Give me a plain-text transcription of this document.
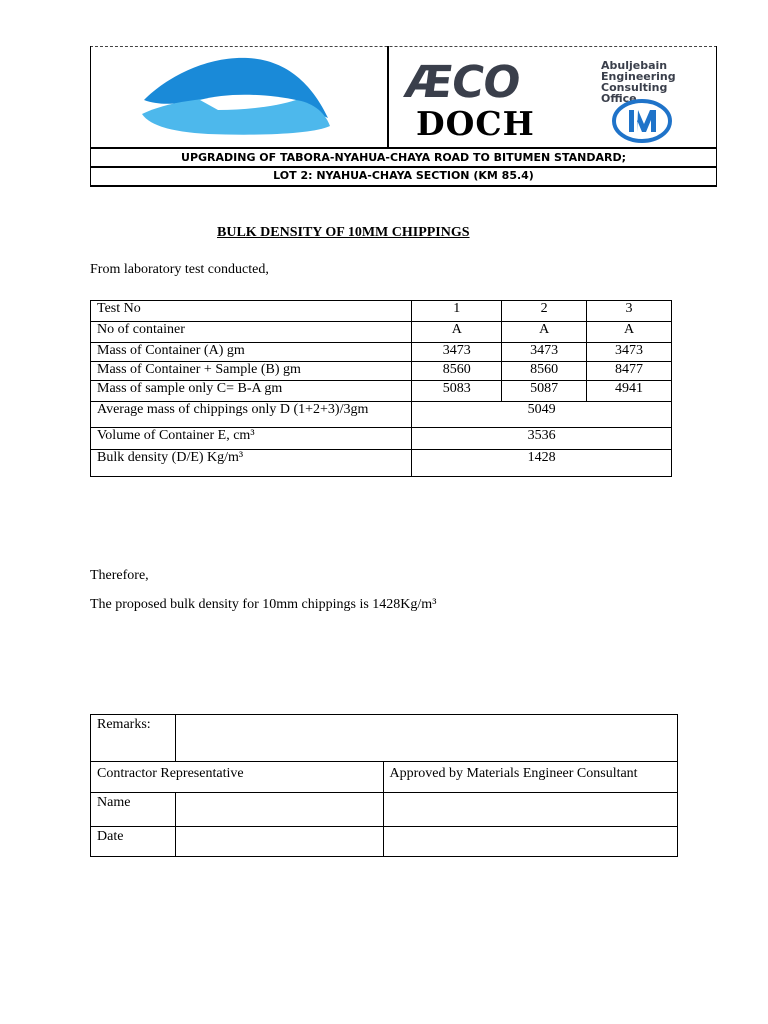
ÆCO	Abuljebain
Engineering
Consulting
Office
DOCH
UPGRADING OF TABORA-NYAHUA-CHAYA ROAD TO BITUMEN STANDARD;
LOT 2: NYAHUA-CHAYA SECTION (KM 85.4)
BULK DENSITY OF 10MM CHIPPINGS
From laboratory test conducted,
Test No	1	2	3
No of container	A	A	A
Mass of Container (A) gm	3473	3473	3473
Mass of Container + Sample (B) gm	8560	8560	8477
Mass of sample only C= B-A gm	5083	5087	4941
Average mass of chippings only D (1+2+3)/3gm	5049		
Volume of Container E, cm³	3536		
Bulk density (D/E) Kg/m³	1428		
Therefore,
The proposed bulk density for 10mm chippings is 1428Kg/m³
Remarks:		
Contractor Representative		Approved by Materials Engineer Consultant
Name		
Date		
